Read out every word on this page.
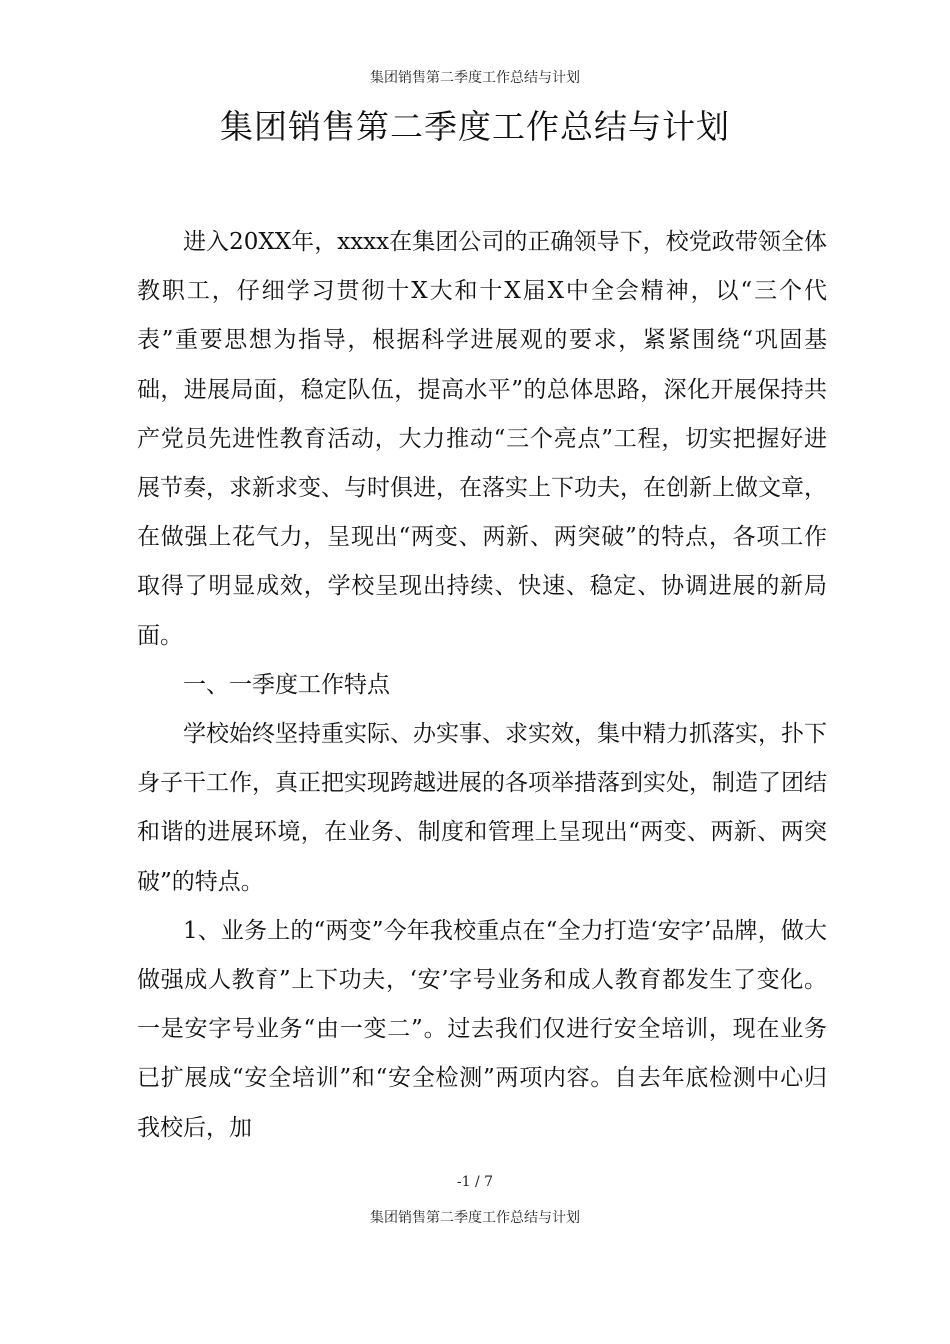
集团销售第二季度工作总结与计划
集团销售第二季度工作总结与计划

进入20XX年，xxxx在集团公司的正确领导下，校党政带领全体教职工，仔细学习贯彻十X大和十X届X中全会精神，以“三个代表”重要思想为指导，根据科学进展观的要求，紧紧围绕“巩固基础，进展局面，稳定队伍，提高水平”的总体思路，深化开展保持共产党员先进性教育活动，大力推动“三个亮点”工程，切实把握好进展节奏，求新求变、与时俱进，在落实上下功夫，在创新上做文章，在做强上花气力，呈现出“两变、两新、两突破”的特点，各项工作取得了明显成效，学校呈现出持续、快速、稳定、协调进展的新局面。

一、一季度工作特点

学校始终坚持重实际、办实事、求实效，集中精力抓落实，扑下身子干工作，真正把实现跨越进展的各项举措落到实处，制造了团结和谐的进展环境，在业务、制度和管理上呈现出“两变、两新、两突破”的特点。

1、业务上的“两变”今年我校重点在“全力打造‘安字’品牌，做大做强成人教育”上下功夫，‘安’字号业务和成人教育都发生了变化。一是安字号业务“由一变二”。过去我们仅进行安全培训，现在业务已扩展成“安全培训”和“安全检测”两项内容。自去年底检测中心归我校后，加

-1 / 7
集团销售第二季度工作总结与计划
